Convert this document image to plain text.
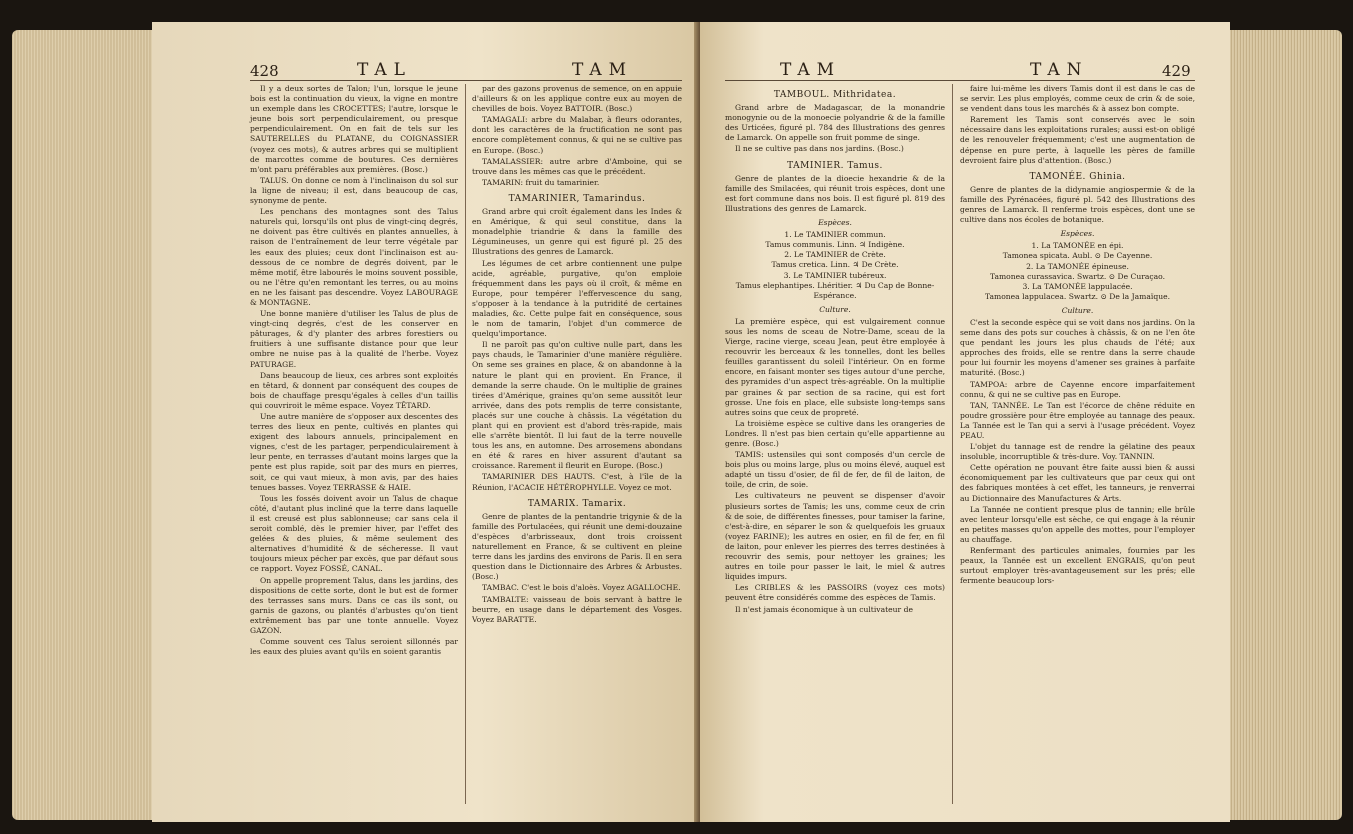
428	TAL	TAM

Il y a deux sortes de Talon; l'un, lorsque le jeune bois est la continuation du vieux, la vigne en montre un exemple dans les CROCETTES; l'autre, lorsque le jeune bois sort perpendiculairement, ou presque perpendiculairement. On en fait de tels sur les SAUTERELLES du PLATANE, du COIGNASSIER (voyez ces mots), & autres arbres qui se multiplient de marcottes comme de boutures. Ces dernières m'ont paru préférables aux premières. (Bosc.)

TALUS. On donne ce nom à l'inclinaison du sol sur la ligne de niveau; il est, dans beaucoup de cas, synonyme de pente.

Les penchans des montagnes sont des Talus naturels qui, lorsqu'ils ont plus de vingt-cinq degrés, ne doivent pas être cultivés en plantes annuelles, à raison de l'entraînement de leur terre végétale par les eaux des pluies; ceux dont l'inclinaison est au-dessous de ce nombre de degrés doivent, par le même motif, être labourés le moins souvent possible, ou ne l'être qu'en remontant les terres, ou au moins en ne les faisant pas descendre. Voyez LABOURAGE & MONTAGNE.

Une bonne manière d'utiliser les Talus de plus de vingt-cinq degrés, c'est de les conserver en pâturages, & d'y planter des arbres forestiers ou fruitiers à une suffisante distance pour que leur ombre ne nuise pas à la qualité de l'herbe. Voyez PATURAGE.

Dans beaucoup de lieux, ces arbres sont exploités en têtard, & donnent par conséquent des coupes de bois de chauffage presqu'égales à celles d'un taillis qui couvriroit le même espace. Voyez TÊTARD.

Une autre manière de s'opposer aux descentes des terres des lieux en pente, cultivés en plantes qui exigent des labours annuels, principalement en vignes, c'est de les partager, perpendiculairement à leur pente, en terrasses d'autant moins larges que la pente est plus rapide, soit par des murs en pierres, soit, ce qui vaut mieux, à mon avis, par des haies tenues basses. Voyez TERRASSE & HAIE.

Tous les fossés doivent avoir un Talus de chaque côté, d'autant plus incliné que la terre dans laquelle il est creusé est plus sablonneuse; car sans cela il seroit comblé, dès le premier hiver, par l'effet des gelées & des pluies, & même seulement des alternatives d'humidité & de sécheresse. Il vaut toujours mieux pécher par excès, que par défaut sous ce rapport. Voyez FOSSÉ, CANAL.

On appelle proprement Talus, dans les jardins, des dispositions de cette sorte, dont le but est de former des terrasses sans murs. Dans ce cas ils sont, ou garnis de gazons, ou plantés d'arbustes qu'on tient extrêmement bas par une tonte annuelle. Voyez GAZON.

Comme souvent ces Talus seroient sillonnés par les eaux des pluies avant qu'ils en soient garantis

par des gazons provenus de semence, on en appuie d'ailleurs & on les applique contre eux au moyen de chevilles de bois. Voyez BATTOIR. (Bosc.)

TAMAGALI: arbre du Malabar, à fleurs odorantes, dont les caractères de la fructification ne sont pas encore complètement connus, & qui ne se cultive pas en Europe. (Bosc.)

TAMALASSIER: autre arbre d'Amboine, qui se trouve dans les mêmes cas que le précédent.

TAMARIN: fruit du tamarinier.

TAMARINIER, Tamarindus.

Grand arbre qui croît également dans les Indes & en Amérique, & qui seul constitue, dans la monadelphie triandrie & dans la famille des Légumineuses, un genre qui est figuré pl. 25 des Illustrations des genres de Lamarck.

Les légumes de cet arbre contiennent une pulpe acide, agréable, purgative, qu'on emploie fréquemment dans les pays où il croît, & même en Europe, pour tempérer l'effervescence du sang, s'opposer à la tendance à la putridité de certaines maladies, &c. Cette pulpe fait en conséquence, sous le nom de tamarin, l'objet d'un commerce de quelqu'importance.

Il ne paroît pas qu'on cultive nulle part, dans les pays chauds, le Tamarinier d'une manière régulière. On seme ses graines en place, & on abandonne à la nature le plant qui en provient. En France, il demande la serre chaude. On le multiplie de graines tirées d'Amérique, graines qu'on seme aussitôt leur arrivée, dans des pots remplis de terre consistante, placés sur une couche à châssis. La végétation du plant qui en provient est d'abord très-rapide, mais elle s'arrête bientôt. Il lui faut de la terre nouvelle tous les ans, en automne. Des arrosemens abondans en été & rares en hiver assurent d'autant sa croissance. Rarement il fleurit en Europe. (Bosc.)

TAMARINIER DES HAUTS. C'est, à l'île de la Réunion, l'ACACIE HÉTÉROPHYLLE. Voyez ce mot.

TAMARIX. Tamarix.

Genre de plantes de la pentandrie trigynie & de la famille des Portulacées, qui réunit une demi-douzaine d'espèces d'arbrisseaux, dont trois croissent naturellement en France, & se cultivent en pleine terre dans les jardins des environs de Paris. Il en sera question dans le Dictionnaire des Arbres & Arbustes. (Bosc.)

TAMBAC. C'est le bois d'aloès. Voyez AGALLOCHE.

TAMBALTE: vaisseau de bois servant à battre le beurre, en usage dans le département des Vosges. Voyez BARATTE.

TAM	TAN	429

TAMBOUL. Mithridatea.

Grand arbre de Madagascar, de la monandrie monogynie ou de la monoecie polyandrie & de la famille des Urticées, figuré pl. 784 des Illustrations des genres de Lamarck. On appelle son fruit pomme de singe.

Il ne se cultive pas dans nos jardins. (Bosc.)

TAMINIER. Tamus.

Genre de plantes de la dioecie hexandrie & de la famille des Smilacées, qui réunit trois espèces, dont une est fort commune dans nos bois. Il est figuré pl. 819 des Illustrations des genres de Lamarck.

Espèces.

1. Le TAMINIER commun.

Tamus communis. Linn. ♃ Indigène.

2. Le TAMINIER de Crète.

Tamus cretica. Linn. ♃ De Crète.

3. Le TAMINIER tubéreux.

Tamus elephantipes. Lhéritier. ♃ Du Cap de Bonne-Espérance.

Culture.

La première espèce, qui est vulgairement connue sous les noms de sceau de Notre-Dame, sceau de la Vierge, racine vierge, sceau Jean, peut être employée à recouvrir les berceaux & les tonnelles, dont les belles feuilles garantissent du soleil l'intérieur. On en forme encore, en faisant monter ses tiges autour d'une perche, des pyramides d'un aspect très-agréable. On la multiplie par graines & par section de sa racine, qui est fort grosse. Une fois en place, elle subsiste long-temps sans autres soins que ceux de propreté.

La troisième espèce se cultive dans les orangeries de Londres. Il n'est pas bien certain qu'elle appartienne au genre. (Bosc.)

TAMIS: ustensiles qui sont composés d'un cercle de bois plus ou moins large, plus ou moins élevé, auquel est adapté un tissu d'osier, de fil de fer, de fil de laiton, de toile, de crin, de soie.

Les cultivateurs ne peuvent se dispenser d'avoir plusieurs sortes de Tamis; les uns, comme ceux de crin & de soie, de différentes finesses, pour tamiser la farine, c'est-à-dire, en séparer le son & quelquefois les gruaux (voyez FARINE); les autres en osier, en fil de fer, en fil de laiton, pour enlever les pierres des terres destinées à recouvrir des semis, pour nettoyer les graines; les autres en toile pour passer le lait, le miel & autres liquides impurs.

Les CRIBLES & les PASSOIRS (voyez ces mots) peuvent être considérés comme des espèces de Tamis.

Il n'est jamais économique à un cultivateur de

faire lui-même les divers Tamis dont il est dans le cas de se servir. Les plus employés, comme ceux de crin & de soie, se vendent dans tous les marchés & à assez bon compte.

Rarement les Tamis sont conservés avec le soin nécessaire dans les exploitations rurales; aussi est-on obligé de les renouveler fréquemment; c'est une augmentation de dépense en pure perte, à laquelle les pères de famille devroient faire plus d'attention. (Bosc.)

TAMONÉE. Ghinia.

Genre de plantes de la didynamie angiospermie & de la famille des Pyrénacées, figuré pl. 542 des Illustrations des genres de Lamarck. Il renferme trois espèces, dont une se cultive dans nos écoles de botanique.

Espèces.

1. La TAMONÉE en épi.

Tamonea spicata. Aubl. ⊙ De Cayenne.

2. La TAMONÉE épineuse.

Tamonea curassavica. Swartz. ⊙ De Curaçao.

3. La TAMONÉE lappulacée.

Tamonea lappulacea. Swartz. ⊙ De la Jamaïque.

Culture.

C'est la seconde espèce qui se voit dans nos jardins. On la seme dans des pots sur couches à châssis, & on ne l'en ôte que pendant les jours les plus chauds de l'été; aux approches des froids, elle se rentre dans la serre chaude pour lui fournir les moyens d'amener ses graines à parfaite maturité. (Bosc.)

TAMPOA: arbre de Cayenne encore imparfaitement connu, & qui ne se cultive pas en Europe.

TAN, TANNÉE. Le Tan est l'écorce de chêne réduite en poudre grossière pour être employée au tannage des peaux. La Tannée est le Tan qui a servi à l'usage précédent. Voyez PEAU.

L'objet du tannage est de rendre la gélatine des peaux insoluble, incorruptible & très-dure. Voy. TANNIN.

Cette opération ne pouvant être faite aussi bien & aussi économiquement par les cultivateurs que par ceux qui ont des fabriques montées à cet effet, les tanneurs, je renverrai au Dictionnaire des Manufactures & Arts.

La Tannée ne contient presque plus de tannin; elle brûle avec lenteur lorsqu'elle est sèche, ce qui engage à la réunir en petites masses qu'on appelle des mottes, pour l'employer au chauffage.

Renfermant des particules animales, fournies par les peaux, la Tannée est un excellent ENGRAIS, qu'on peut surtout employer très-avantageusement sur les prés; elle fermente beaucoup lors-
